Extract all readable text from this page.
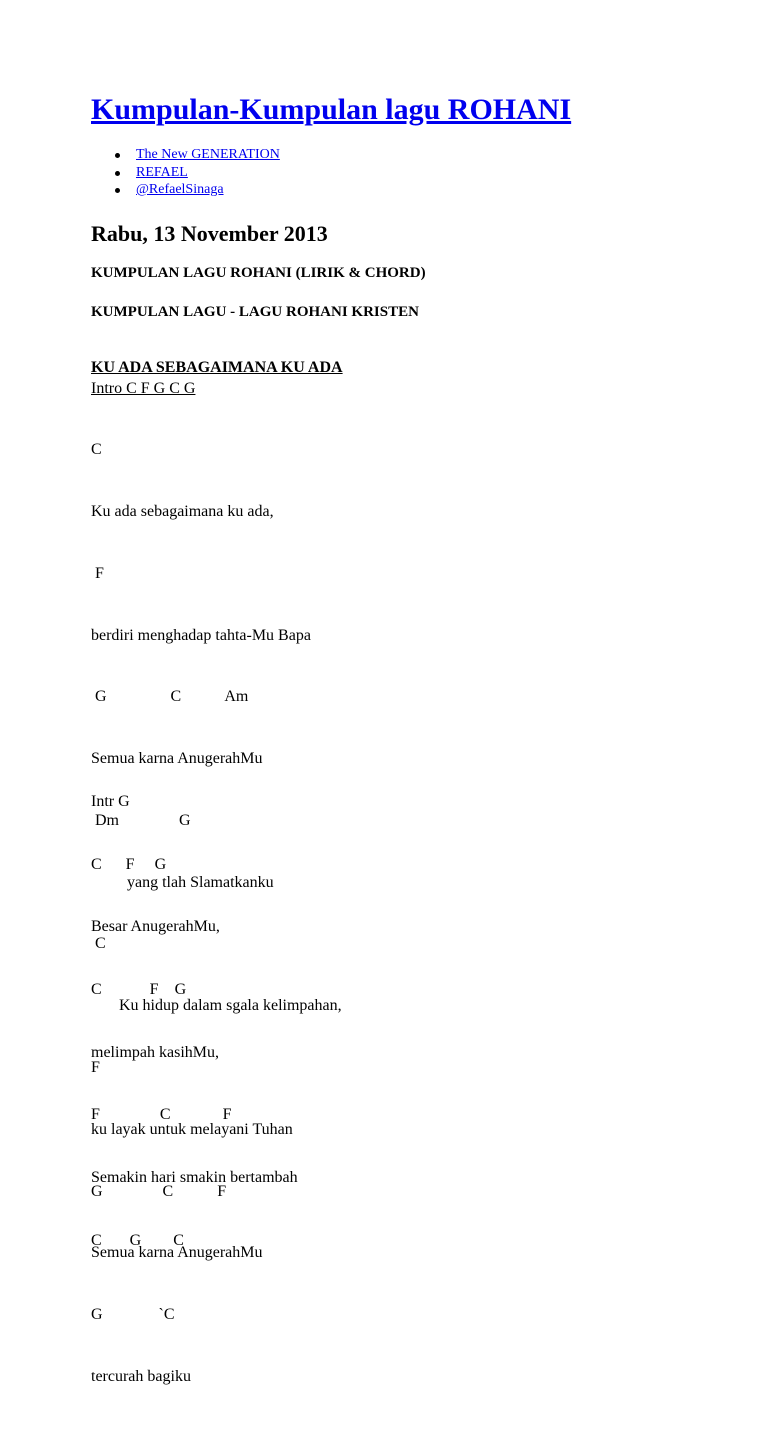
Kumpulan-Kumpulan lagu ROHANI
The New GENERATION
REFAEL
@RefaelSinaga
Rabu, 13 November 2013

KUMPULAN LAGU ROHANI (LIRIK & CHORD)

KUMPULAN LAGU - LAGU ROHANI KRISTEN

KU ADA SEBAGAIMANA KU ADA

Intro C F G C G

C

Ku ada sebagaimana ku ada,

F

berdiri menghadap tahta-Mu Bapa

G                C           Am

Semua karna AnugerahMu

Dm               G

yang tlah Slamatkanku

C

Ku hidup dalam sgala kelimpahan,

F

ku layak untuk melayani Tuhan

G               C           F

Semua karna AnugerahMu

G              `C

tercurah bagiku

Intr G

C      F     G

Besar AnugerahMu,

C            F    G

melimpah kasihMu,

F               C             F

Semakin hari smakin bertambah

C       G        C
